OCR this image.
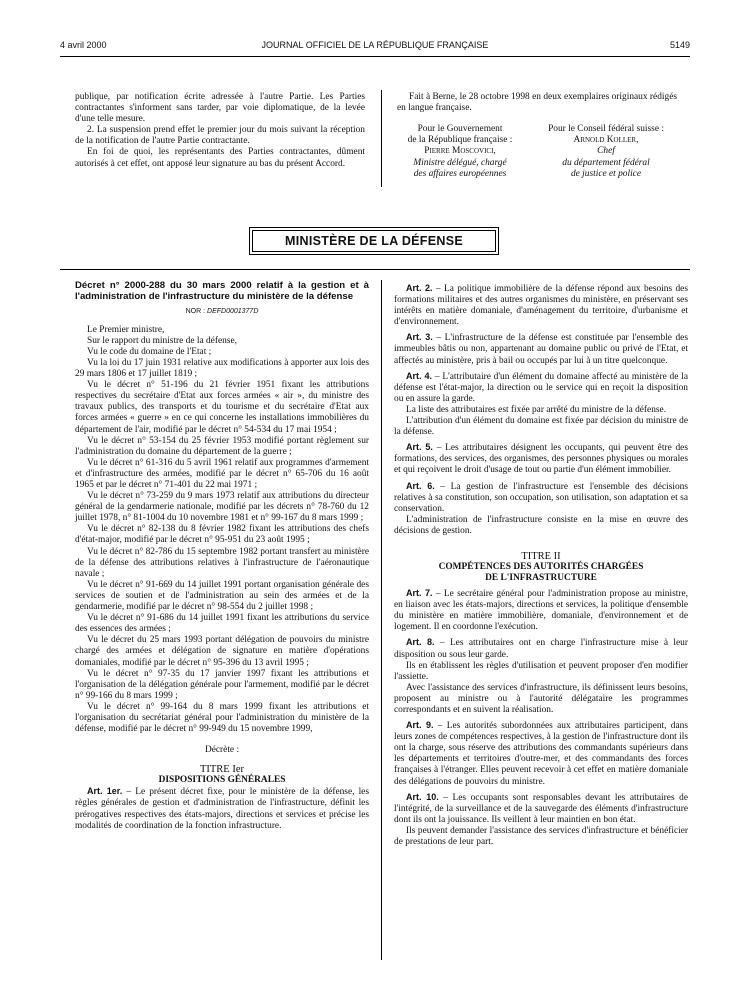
4 avril 2000	JOURNAL OFFICIEL DE LA RÉPUBLIQUE FRANÇAISE	5149

publique, par notification écrite adressée à l'autre Partie. Les Parties contractantes s'informent sans tarder, par voie diplomatique, de la levée d'une telle mesure.

2. La suspension prend effet le premier jour du mois suivant la réception de la notification de l'autre Partie contractante.

En foi de quoi, les représentants des Parties contractantes, dûment autorisés à cet effet, ont apposé leur signature au bas du présent Accord.

Fait à Berne, le 28 octobre 1998 en deux exemplaires originaux rédigés en langue française.

Pour le Gouvernement
de la République française :
Pierre Moscovici,
Ministre délégué, chargé
des affaires européennes
Pour le Conseil fédéral suisse :
Arnold Koller,
Chef
du département fédéral
de justice et police
MINISTÈRE DE LA DÉFENSE

Décret n° 2000-288 du 30 mars 2000 relatif à la gestion et à l'administration de l'infrastructure du ministère de la défense

NOR : DEFD0001377D

Le Premier ministre,

Sur le rapport du ministre de la défense,

Vu le code du domaine de l'Etat ;

Vu la loi du 17 juin 1931 relative aux modifications à apporter aux lois des 29 mars 1806 et 17 juillet 1819 ;

Vu le décret n° 51-196 du 21 février 1951 fixant les attributions respectives du secrétaire d'Etat aux forces armées « air », du ministre des travaux publics, des transports et du tourisme et du secrétaire d'Etat aux forces armées « guerre » en ce qui concerne les installations immobilières du département de l'air, modifié par le décret n° 54-534 du 17 mai 1954 ;

Vu le décret n° 53-154 du 25 février 1953 modifié portant règlement sur l'administration du domaine du département de la guerre ;

Vu le décret n° 61-316 du 5 avril 1961 relatif aux programmes d'armement et d'infrastructure des armées, modifié par le décret n° 65-706 du 16 août 1965 et par le décret n° 71-401 du 22 mai 1971 ;

Vu le décret n° 73-259 du 9 mars 1973 relatif aux attributions du directeur général de la gendarmerie nationale, modifié par les décrets n° 78-760 du 12 juillet 1978, n° 81-1004 du 10 novembre 1981 et n° 99-167 du 8 mars 1999 ;

Vu le décret n° 82-138 du 8 février 1982 fixant les attributions des chefs d'état-major, modifié par le décret n° 95-951 du 23 août 1995 ;

Vu le décret n° 82-786 du 15 septembre 1982 portant transfert au ministère de la défense des attributions relatives à l'infrastructure de l'aéronautique navale ;

Vu le décret n° 91-669 du 14 juillet 1991 portant organisation générale des services de soutien et de l'administration au sein des armées et de la gendarmerie, modifié par le décret n° 98-554 du 2 juillet 1998 ;

Vu le décret n° 91-686 du 14 juillet 1991 fixant les attributions du service des essences des armées ;

Vu le décret du 25 mars 1993 portant délégation de pouvoirs du ministre chargé des armées et délégation de signature en matière d'opérations domaniales, modifié par le décret n° 95-396 du 13 avril 1995 ;

Vu le décret n° 97-35 du 17 janvier 1997 fixant les attributions et l'organisation de la délégation générale pour l'armement, modifié par le décret n° 99-166 du 8 mars 1999 ;

Vu le décret n° 99-164 du 8 mars 1999 fixant les attributions et l'organisation du secrétariat général pour l'administration du ministère de la défense, modifié par le décret n° 99-949 du 15 novembre 1999,

Décrète :

TITRE Ier

DISPOSITIONS GÉNÉRALES

Art. 1er. – Le présent décret fixe, pour le ministère de la défense, les règles générales de gestion et d'administration de l'infrastructure, définit les prérogatives respectives des états-majors, directions et services et précise les modalités de coordination de la fonction infrastructure.

Art. 2. – La politique immobilière de la défense répond aux besoins des formations militaires et des autres organismes du ministère, en préservant ses intérêts en matière domaniale, d'aménagement du territoire, d'urbanisme et d'environnement.

Art. 3. – L'infrastructure de la défense est constituée par l'ensemble des immeubles bâtis ou non, appartenant au domaine public ou privé de l'Etat, et affectés au ministère, pris à bail ou occupés par lui à un titre quelconque.

Art. 4. – L'attributaire d'un élément du domaine affecté au ministère de la défense est l'état-major, la direction ou le service qui en reçoit la disposition ou en assure la garde.

La liste des attributaires est fixée par arrêté du ministre de la défense.

L'attribution d'un élément du domaine est fixée par décision du ministre de la défense.

Art. 5. – Les attributaires désignent les occupants, qui peuvent être des formations, des services, des organismes, des personnes physiques ou morales et qui reçoivent le droit d'usage de tout ou partie d'un élément immobilier.

Art. 6. – La gestion de l'infrastructure est l'ensemble des décisions relatives à sa constitution, son occupation, son utilisation, son adaptation et sa conservation.

L'administration de l'infrastructure consiste en la mise en œuvre des décisions de gestion.

TITRE II

COMPÉTENCES DES AUTORITÉS CHARGÉES

DE L'INFRASTRUCTURE

Art. 7. – Le secrétaire général pour l'administration propose au ministre, en liaison avec les états-majors, directions et services, la politique d'ensemble du ministère en matière immobilière, domaniale, d'environnement et de logement. Il en coordonne l'exécution.

Art. 8. – Les attributaires ont en charge l'infrastructure mise à leur disposition ou sous leur garde.

Ils en établissent les règles d'utilisation et peuvent proposer d'en modifier l'assiette.

Avec l'assistance des services d'infrastructure, ils définissent leurs besoins, proposent au ministre ou à l'autorité délégataire les programmes correspondants et en suivent la réalisation.

Art. 9. – Les autorités subordonnées aux attributaires participent, dans leurs zones de compétences respectives, à la gestion de l'infrastructure dont ils ont la charge, sous réserve des attributions des commandants supérieurs dans les départements et territoires d'outre-mer, et des commandants des forces françaises à l'étranger. Elles peuvent recevoir à cet effet en matière domaniale des délégations de pouvoirs du ministre.

Art. 10. – Les occupants sont responsables devant les attributaires de l'intégrité, de la surveillance et de la sauvegarde des éléments d'infrastructure dont ils ont la jouissance. Ils veillent à leur maintien en bon état.

Ils peuvent demander l'assistance des services d'infrastructure et bénéficier de prestations de leur part.
